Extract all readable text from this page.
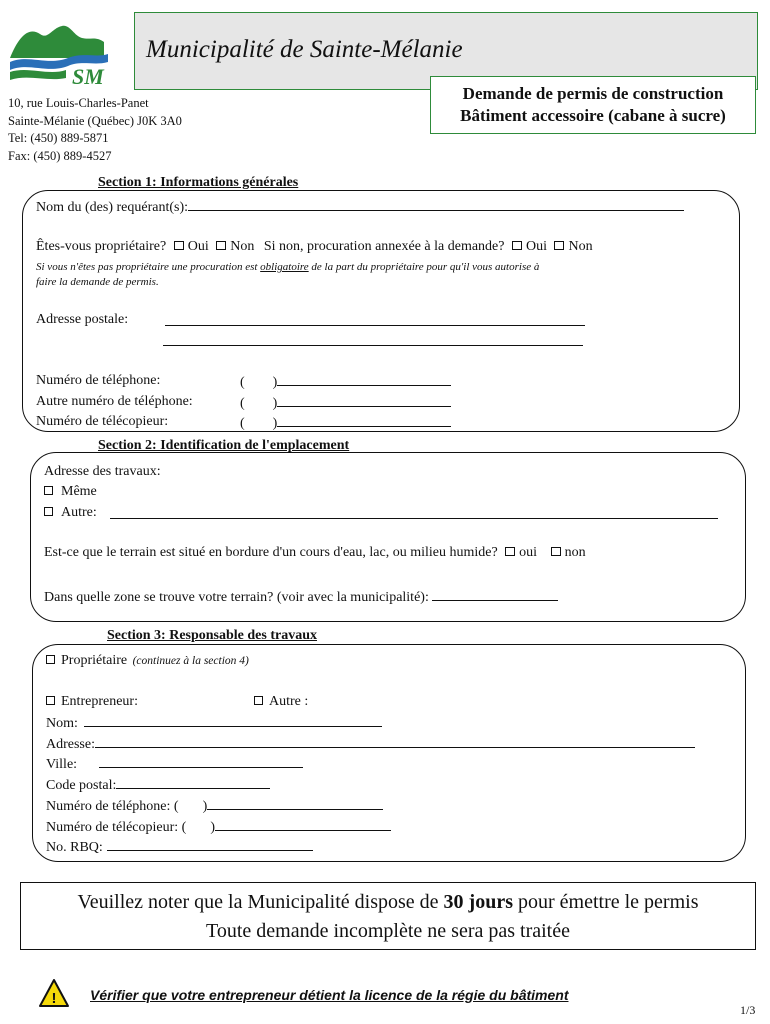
SM
Municipalité de Sainte-Mélanie
Demande de permis de construction
Bâtiment accessoire (cabane à sucre)
10, rue Louis-Charles-Panet
Sainte-Mélanie (Québec) J0K 3A0
Tel: (450) 889-5871
Fax: (450) 889-4527
Section 1: Informations générales
Nom du (des) requérant(s):
Êtes-vous propriétaire? Oui Non Si non, procuration annexée à la demande? Oui Non
Si vous n'êtes pas propriétaire une procuration est obligatoire de la part du propriétaire pour qu'il vous autorise à
faire la demande de permis.
Adresse postale:
Numéro de téléphone:
Autre numéro de téléphone:
Numéro de télécopieur:
( )
( )
( )
Section 2: Identification de l'emplacement
Adresse des travaux:
Même
Autre:
Est-ce que le terrain est situé en bordure d'un cours d'eau, lac, ou milieu humide? oui non
Dans quelle zone se trouve votre terrain? (voir avec la municipalité):
Section 3: Responsable des travaux
Propriétaire (continuez à la section 4)
Entrepreneur:	Autre :
Nom:
Adresse:
Ville:
Code postal:
Numéro de téléphone: ( )
Numéro de télécopieur: ( )
No. RBQ:
Veuillez noter que la Municipalité dispose de 30 jours pour émettre le permis
Toute demande incomplète ne sera pas traitée
! Vérifier que votre entrepreneur détient la licence de la régie du bâtiment
1/3
